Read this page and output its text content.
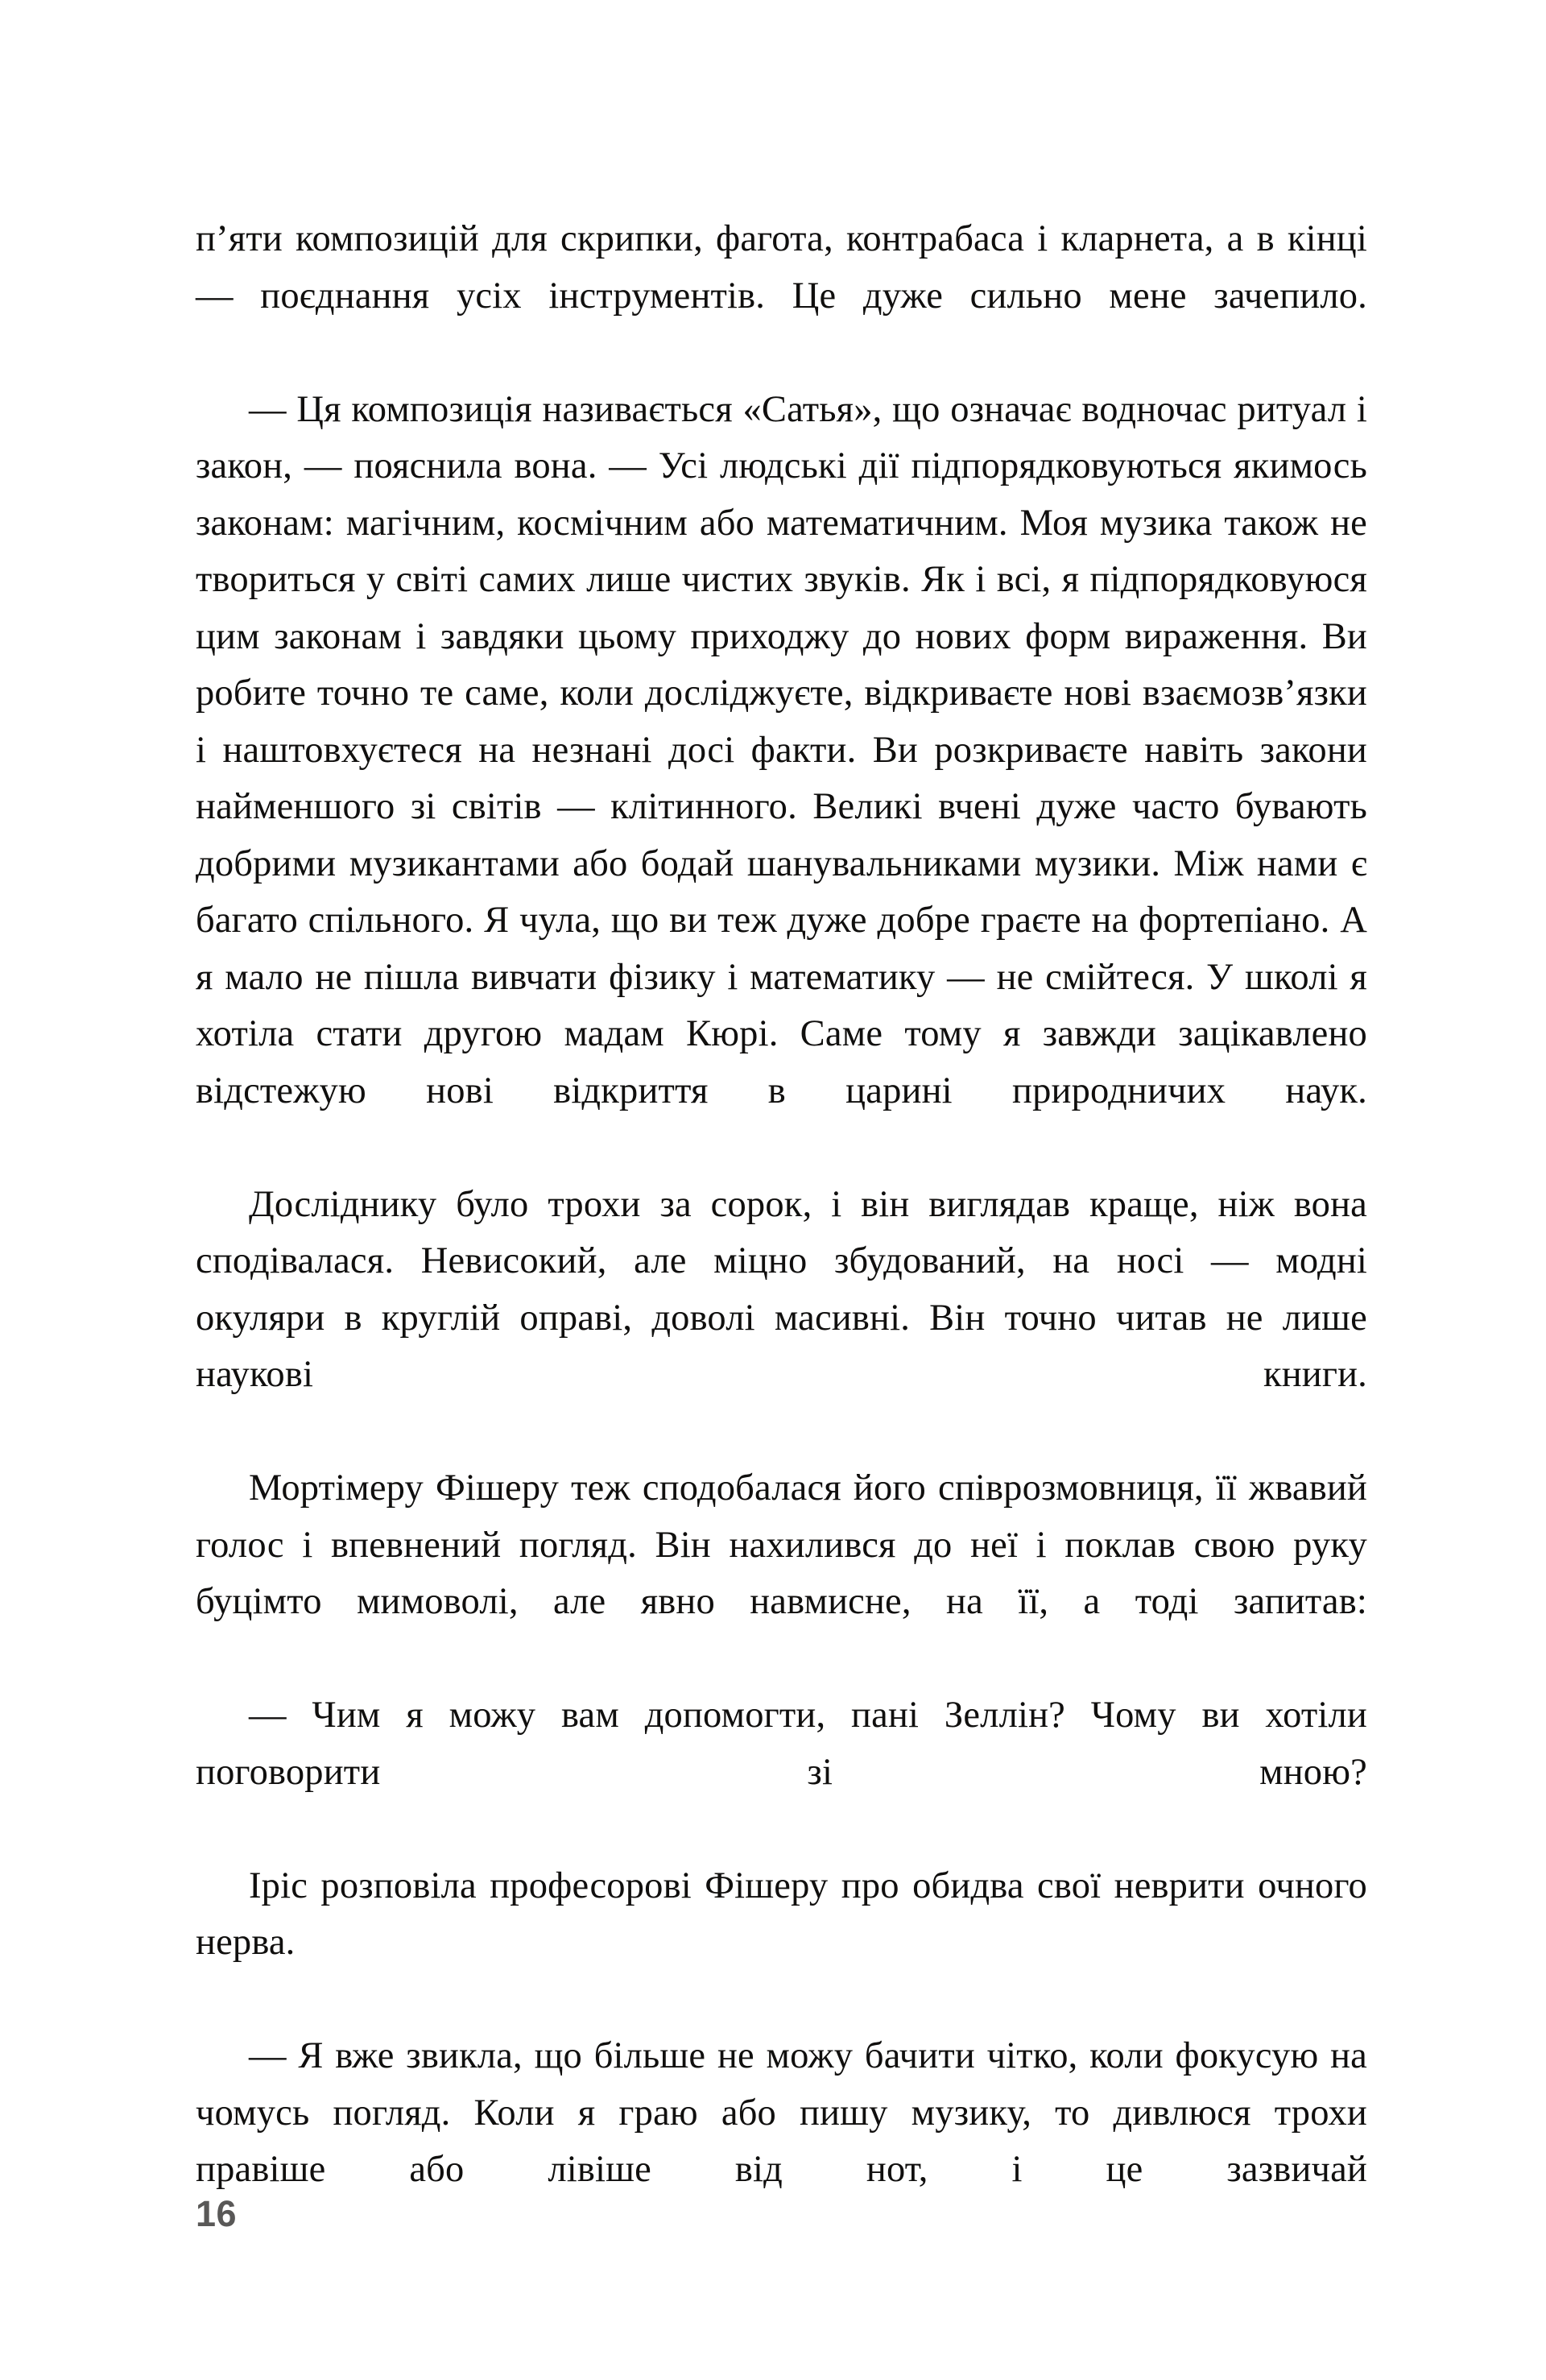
п’яти композицій для скрипки, фагота, контрабаса і кларнета, а в кінці — поєднання усіх інструментів. Це дуже сильно мене зачепило.

— Ця композиція називається «Сатья», що означає водночас ритуал і закон, — пояснила вона. — Усі людські дії підпорядковуються якимось законам: магічним, космічним або математичним. Моя музика також не твориться у світі самих лише чистих звуків. Як і всі, я підпорядковуюся цим законам і завдяки цьому приходжу до нових форм вираження. Ви робите точно те саме, коли досліджуєте, відкриваєте нові взаємозв’язки і наштовхуєтеся на незнані досі факти. Ви розкриваєте навіть закони найменшого зі світів — клітинного. Великі вчені дуже часто бувають добрими музикантами або бодай шанувальниками музики. Між нами є багато спільного. Я чула, що ви теж дуже добре граєте на фортепіано. А я мало не пішла вивчати фізику і математику — не смійтеся. У школі я хотіла стати другою мадам Кюрі. Саме тому я завжди зацікавлено відстежую нові відкриття в царині природничих наук.

Досліднику було трохи за сорок, і він виглядав краще, ніж вона сподівалася. Невисокий, але міцно збудований, на носі — модні окуляри в круглій оправі, доволі масивні. Він точно читав не лише наукові книги.

Мортімеру Фішеру теж сподобалася його співрозмовниця, її жвавий голос і впевнений погляд. Він нахилився до неї і поклав свою руку буцімто мимоволі, але явно навмисне, на її, а тоді запитав:

— Чим я можу вам допомогти, пані Зеллін? Чому ви хотіли поговорити зі мною?

Іріс розповіла професорові Фішеру про обидва свої неврити очного нерва.

— Я вже звикла, що більше не можу бачити чітко, коли фокусую на чомусь погляд. Коли я граю або пишу музику, то дивлюся трохи правіше або лівіше від нот, і це зазвичай

16
